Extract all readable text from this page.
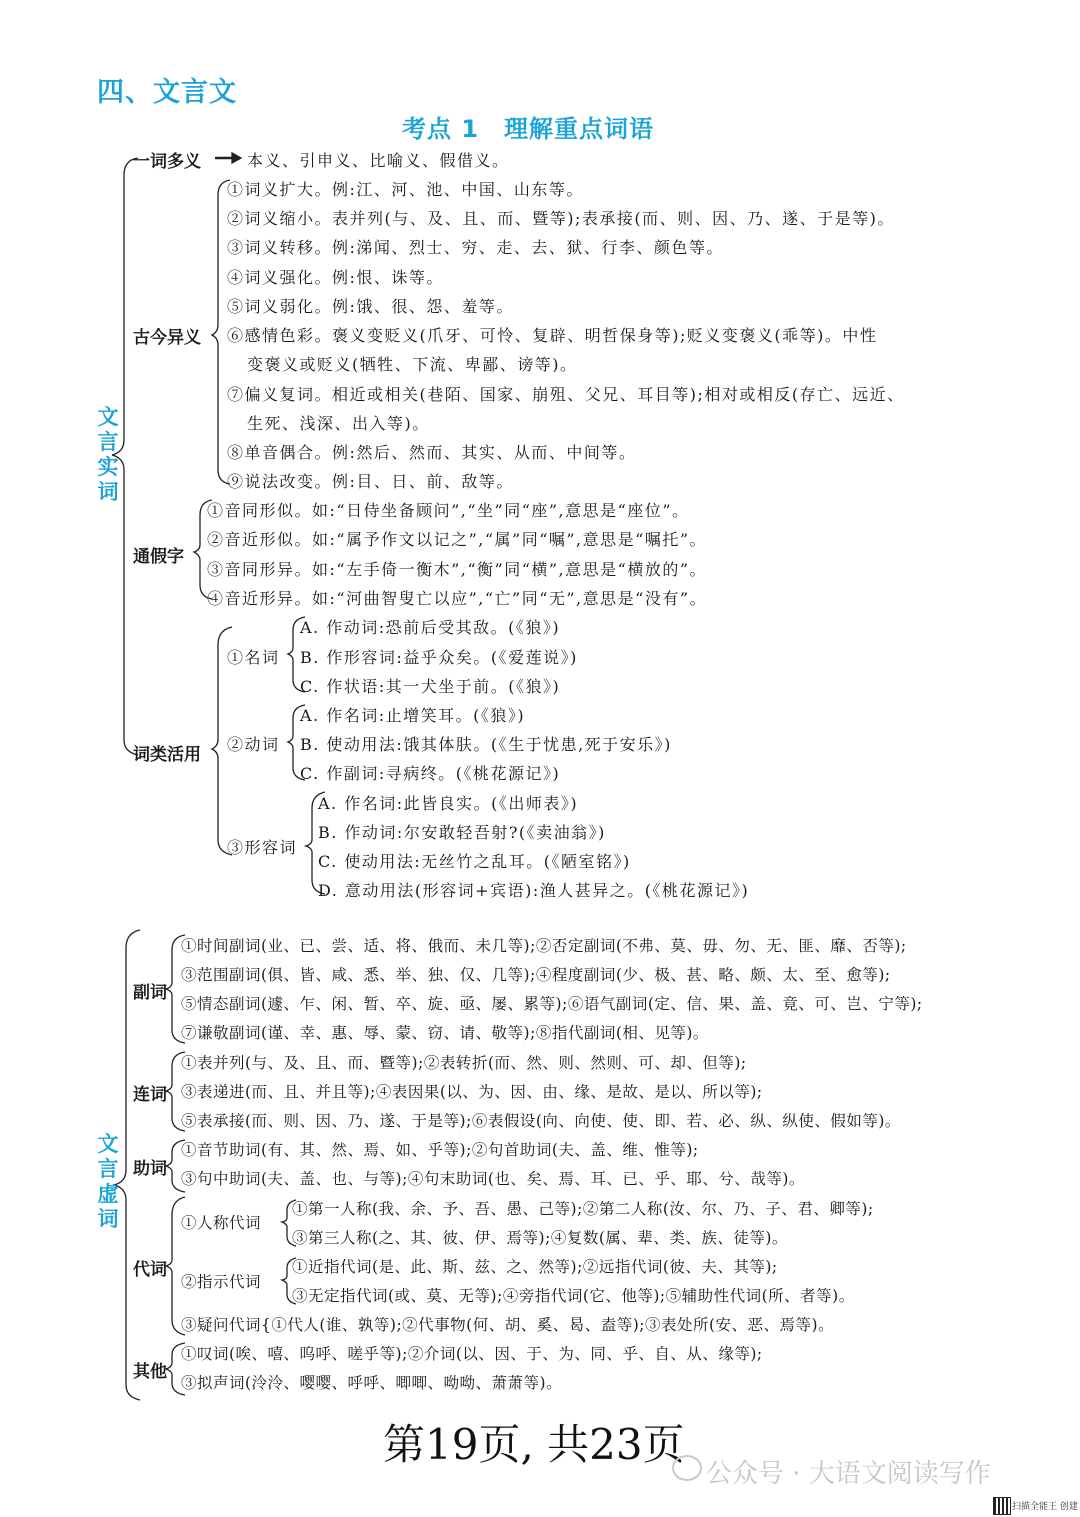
四、文言文
考点 1　理解重点词语
文言实词
一词多义	本义、引申义、比喻义、假借义。
古今异义
①词义扩大。例:江、河、池、中国、山东等。
②词义缩小。表并列(与、及、且、而、暨等);表承接(而、则、因、乃、遂、于是等)。
③词义转移。例:涕闻、烈士、穷、走、去、狱、行李、颜色等。
④词义强化。例:恨、诛等。
⑤词义弱化。例:饿、很、怨、羞等。
⑥感情色彩。褒义变贬义(爪牙、可怜、复辟、明哲保身等);贬义变褒义(乖等)。中性
变褒义或贬义(牺牲、下流、卑鄙、谤等)。
⑦偏义复词。相近或相关(巷陌、国家、崩殂、父兄、耳目等);相对或相反(存亡、远近、
生死、浅深、出入等)。
⑧单音偶合。例:然后、然而、其实、从而、中间等。
⑨说法改变。例:目、日、前、敌等。
通假字
①音同形似。如:“日侍坐备顾问”,“坐”同“座”,意思是“座位”。
②音近形似。如:“属予作文以记之”,“属”同“嘱”,意思是“嘱托”。
③音同形异。如:“左手倚一衡木”,“衡”同“横”,意思是“横放的”。
④音近形异。如:“河曲智叟亡以应”,“亡”同“无”,意思是“没有”。
词类活用
①名词
A. 作动词:恐前后受其敌。(《狼》)
B. 作形容词:益乎众矣。(《爱莲说》)
C. 作状语:其一犬坐于前。(《狼》)
②动词
A. 作名词:止增笑耳。(《狼》)
B. 使动用法:饿其体肤。(《生于忧患,死于安乐》)
C. 作副词:寻病终。(《桃花源记》)
③形容词
A. 作名词:此皆良实。(《出师表》)
B. 作动词:尔安敢轻吾射?(《卖油翁》)
C. 使动用法:无丝竹之乱耳。(《陋室铭》)
D. 意动用法(形容词+宾语):渔人甚异之。(《桃花源记》)
文言虚词
副词
①时间副词(业、已、尝、适、将、俄而、未几等);②否定副词(不弗、莫、毋、勿、无、匪、靡、否等);
③范围副词(俱、皆、咸、悉、举、独、仅、几等);④程度副词(少、极、甚、略、颇、太、至、愈等);
⑤情态副词(遽、乍、闲、暂、卒、旋、亟、屡、累等);⑥语气副词(定、信、果、盖、竟、可、岂、宁等);
⑦谦敬副词(谨、幸、惠、辱、蒙、窃、请、敬等);⑧指代副词(相、见等)。
连词
①表并列(与、及、且、而、暨等);②表转折(而、然、则、然则、可、却、但等);
③表递进(而、且、并且等);④表因果(以、为、因、由、缘、是故、是以、所以等);
⑤表承接(而、则、因、乃、遂、于是等);⑥表假设(向、向使、使、即、若、必、纵、纵使、假如等)。
助词
①音节助词(有、其、然、焉、如、乎等);②句首助词(夫、盖、维、惟等);
③句中助词(夫、盖、也、与等);④句末助词(也、矣、焉、耳、已、乎、耶、兮、哉等)。
代词
①人称代词
①第一人称(我、余、予、吾、愚、己等);②第二人称(汝、尔、乃、子、君、卿等);
③第三人称(之、其、彼、伊、焉等);④复数(属、辈、类、族、徒等)。
②指示代词
①近指代词(是、此、斯、兹、之、然等);②远指代词(彼、夫、其等);
③无定指代词(或、莫、无等);④旁指代词(它、他等);⑤辅助性代词(所、者等)。
③疑问代词{①代人(谁、孰等);②代事物(何、胡、奚、曷、盍等);③表处所(安、恶、焉等)。
其他
①叹词(唉、嘻、呜呼、嗟乎等);②介词(以、因、于、为、同、乎、自、从、缘等);
③拟声词(泠泠、嘤嘤、呼呼、唧唧、呦呦、萧萧等)。
第19页, 共23页
公众号 · 大语文阅读写作
扫描全能王 创建
